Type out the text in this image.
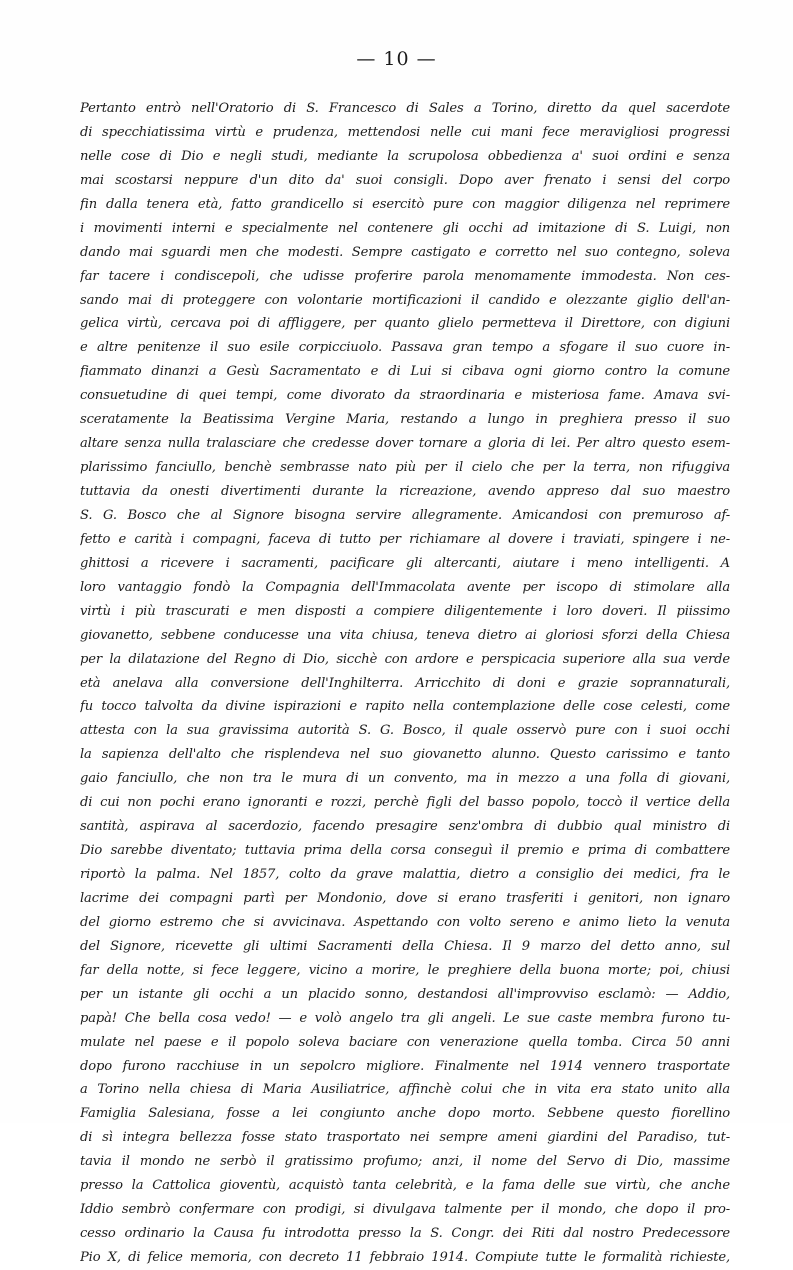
— 10 —
Pertanto entrò nell'Oratorio di S. Francesco di Sales a Torino, diretto da quel sacerdote
di specchiatissima virtù e prudenza, mettendosi nelle cui mani fece meravigliosi progressi
nelle cose di Dio e negli studi, mediante la scrupolosa obbedienza a' suoi ordini e senza
mai scostarsi neppure d'un dito da' suoi consigli. Dopo aver frenato i sensi del corpo
fin dalla tenera età, fatto grandicello si esercitò pure con maggior diligenza nel reprimere
i movimenti interni e specialmente nel contenere gli occhi ad imitazione di S. Luigi, non
dando mai sguardi men che modesti. Sempre castigato e corretto nel suo contegno, soleva
far tacere i condiscepoli, che udisse proferire parola menomamente immodesta. Non ces-
sando mai di proteggere con volontarie mortificazioni il candido e olezzante giglio dell'an-
gelica virtù, cercava poi di affliggere, per quanto glielo permetteva il Direttore, con digiuni
e altre penitenze il suo esile corpicciuolo. Passava gran tempo a sfogare il suo cuore in-
fiammato dinanzi a Gesù Sacramentato e di Lui si cibava ogni giorno contro la comune
consuetudine di quei tempi, come divorato da straordinaria e misteriosa fame. Amava svi-
sceratamente la Beatissima Vergine Maria, restando a lungo in preghiera presso il suo
altare senza nulla tralasciare che credesse dover tornare a gloria di lei. Per altro questo esem-
plarissimo fanciullo, benchè sembrasse nato più per il cielo che per la terra, non rifuggiva
tuttavia da onesti divertimenti durante la ricreazione, avendo appreso dal suo maestro
S. G. Bosco che al Signore bisogna servire allegramente. Amicandosi con premuroso af-
fetto e carità i compagni, faceva di tutto per richiamare al dovere i traviati, spingere i ne-
ghittosi a ricevere i sacramenti, pacificare gli altercanti, aiutare i meno intelligenti. A
loro vantaggio fondò la Compagnia dell'Immacolata avente per iscopo di stimolare alla
virtù i più trascurati e men disposti a compiere diligentemente i loro doveri. Il piissimo
giovanetto, sebbene conducesse una vita chiusa, teneva dietro ai gloriosi sforzi della Chiesa
per la dilatazione del Regno di Dio, sicchè con ardore e perspicacia superiore alla sua verde
età anelava alla conversione dell'Inghilterra. Arricchito di doni e grazie soprannaturali,
fu tocco talvolta da divine ispirazioni e rapito nella contemplazione delle cose celesti, come
attesta con la sua gravissima autorità S. G. Bosco, il quale osservò pure con i suoi occhi
la sapienza dell'alto che risplendeva nel suo giovanetto alunno. Questo carissimo e tanto
gaio fanciullo, che non tra le mura di un convento, ma in mezzo a una folla di giovani,
di cui non pochi erano ignoranti e rozzi, perchè figli del basso popolo, toccò il vertice della
santità, aspirava al sacerdozio, facendo presagire senz'ombra di dubbio qual ministro di
Dio sarebbe diventato; tuttavia prima della corsa conseguì il premio e prima di combattere
riportò la palma. Nel 1857, colto da grave malattia, dietro a consiglio dei medici, fra le
lacrime dei compagni partì per Mondonio, dove si erano trasferiti i genitori, non ignaro
del giorno estremo che si avvicinava. Aspettando con volto sereno e animo lieto la venuta
del Signore, ricevette gli ultimi Sacramenti della Chiesa. Il 9 marzo del detto anno, sul
far della notte, si fece leggere, vicino a morire, le preghiere della buona morte; poi, chiusi
per un istante gli occhi a un placido sonno, destandosi all'improvviso esclamò: — Addio,
papà! Che bella cosa vedo! — e volò angelo tra gli angeli. Le sue caste membra furono tu-
mulate nel paese e il popolo soleva baciare con venerazione quella tomba. Circa 50 anni
dopo furono racchiuse in un sepolcro migliore. Finalmente nel 1914 vennero trasportate
a Torino nella chiesa di Maria Ausiliatrice, affinchè colui che in vita era stato unito alla
Famiglia Salesiana, fosse a lei congiunto anche dopo morto. Sebbene questo fiorellino
di sì integra bellezza fosse stato trasportato nei sempre ameni giardini del Paradiso, tut-
tavia il mondo ne serbò il gratissimo profumo; anzi, il nome del Servo di Dio, massime
presso la Cattolica gioventù, acquistò tanta celebrità, e la fama delle sue virtù, che anche
Iddio sembrò confermare con prodigi, si divulgava talmente per il mondo, che dopo il pro-
cesso ordinario la Causa fu introdotta presso la S. Congr. dei Riti dal nostro Predecessore
Pio X, di felice memoria, con decreto 11 febbraio 1914. Compiute tutte le formalità richieste,
